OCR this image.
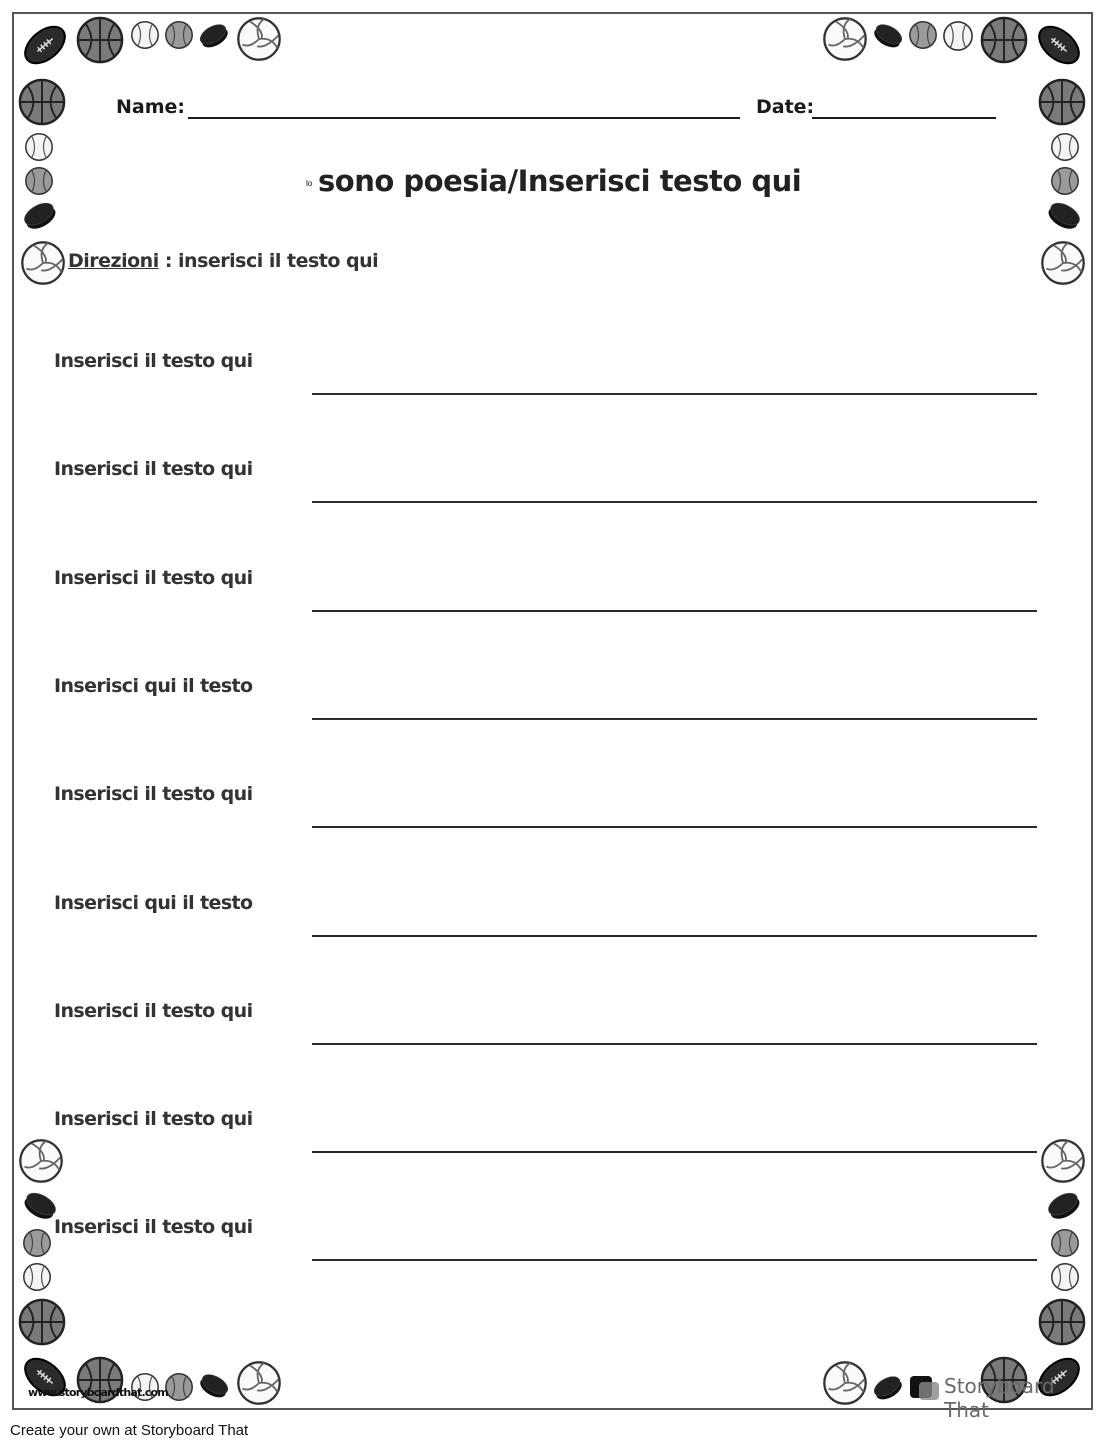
Name:	Date:
Io sono poesia/Inserisci testo qui
Direzioni : inserisci il testo qui
Inserisci il testo qui
Inserisci il testo qui
Inserisci il testo qui
Inserisci qui il testo
Inserisci il testo qui
Inserisci qui il testo
Inserisci il testo qui
Inserisci il testo qui
Inserisci il testo qui
www.storyboardthat.com	Storyboard That
Create your own at Storyboard That
